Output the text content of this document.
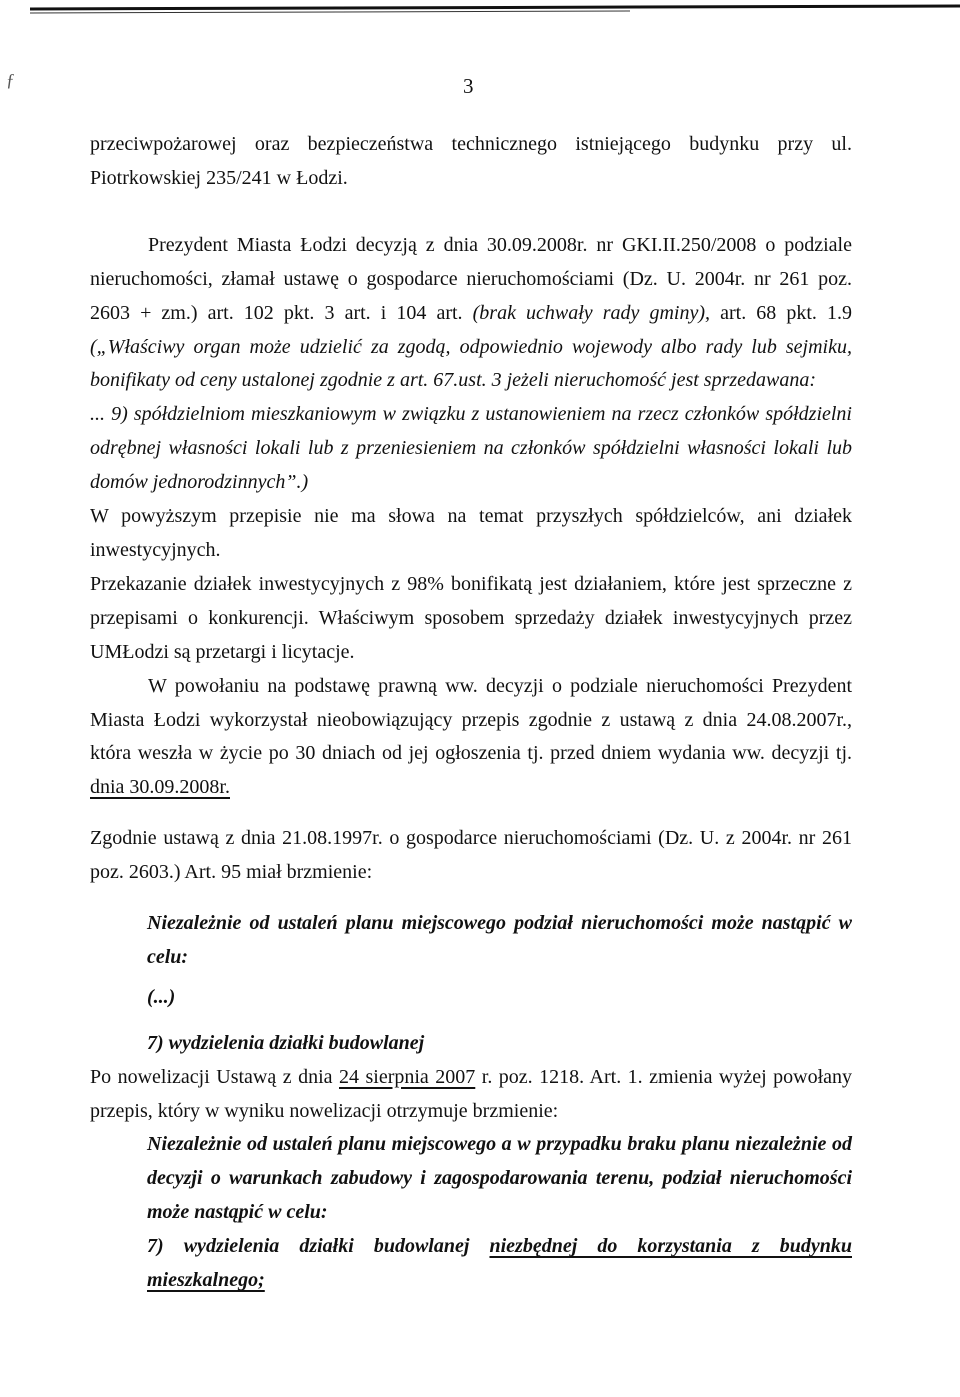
ƒ	3

przeciwpożarowej oraz bezpieczeństwa technicznego istniejącego budynku przy ul. Piotrkowskiej 235/241 w Łodzi.

Prezydent Miasta Łodzi decyzją z dnia 30.09.2008r. nr GKI.II.250/2008 o podziale nieruchomości, złamał ustawę o gospodarce nieruchomościami (Dz. U. 2004r. nr 261 poz. 2603 + zm.) art. 102 pkt. 3 art. i 104 art. (brak uchwały rady gminy), art. 68 pkt. 1.9 („Właściwy organ może udzielić za zgodą, odpowiednio wojewody albo rady lub sejmiku, bonifikaty od ceny ustalonej zgodnie z art. 67.ust. 3 jeżeli nieruchomość jest sprzedawana:

... 9) spółdzielniom mieszkaniowym w związku z ustanowieniem na rzecz członków spółdzielni odrębnej własności lokali lub z przeniesieniem na członków spółdzielni własności lokali lub domów jednorodzinnych”.)

W powyższym przepisie nie ma słowa na temat przyszłych spółdzielców, ani działek inwestycyjnych.

Przekazanie działek inwestycyjnych z 98% bonifikatą jest działaniem, które jest sprzeczne z przepisami o konkurencji. Właściwym sposobem sprzedaży działek inwestycyjnych przez UMŁodzi są przetargi i licytacje.

W powołaniu na podstawę prawną ww. decyzji o podziale nieruchomości Prezydent Miasta Łodzi wykorzystał nieobowiązujący przepis zgodnie z ustawą z dnia 24.08.2007r., która weszła w życie po 30 dniach od jej ogłoszenia tj. przed dniem wydania ww. decyzji tj. dnia 30.09.2008r.

Zgodnie ustawą z dnia 21.08.1997r. o gospodarce nieruchomościami (Dz. U. z 2004r. nr 261 poz. 2603.) Art. 95 miał brzmienie:

Niezależnie od ustaleń planu miejscowego podział nieruchomości może nastąpić w celu:

(...)

7) wydzielenia działki budowlanej

Po nowelizacji Ustawą z dnia 24 sierpnia 2007 r. poz. 1218. Art. 1. zmienia wyżej powołany przepis, który w wyniku nowelizacji otrzymuje brzmienie:

Niezależnie od ustaleń planu miejscowego a w przypadku braku planu niezależnie od decyzji o warunkach zabudowy i zagospodarowania terenu, podział nieruchomości może nastąpić w celu:

7) wydzielenia działki budowlanej niezbędnej do korzystania z budynku mieszkalnego;
